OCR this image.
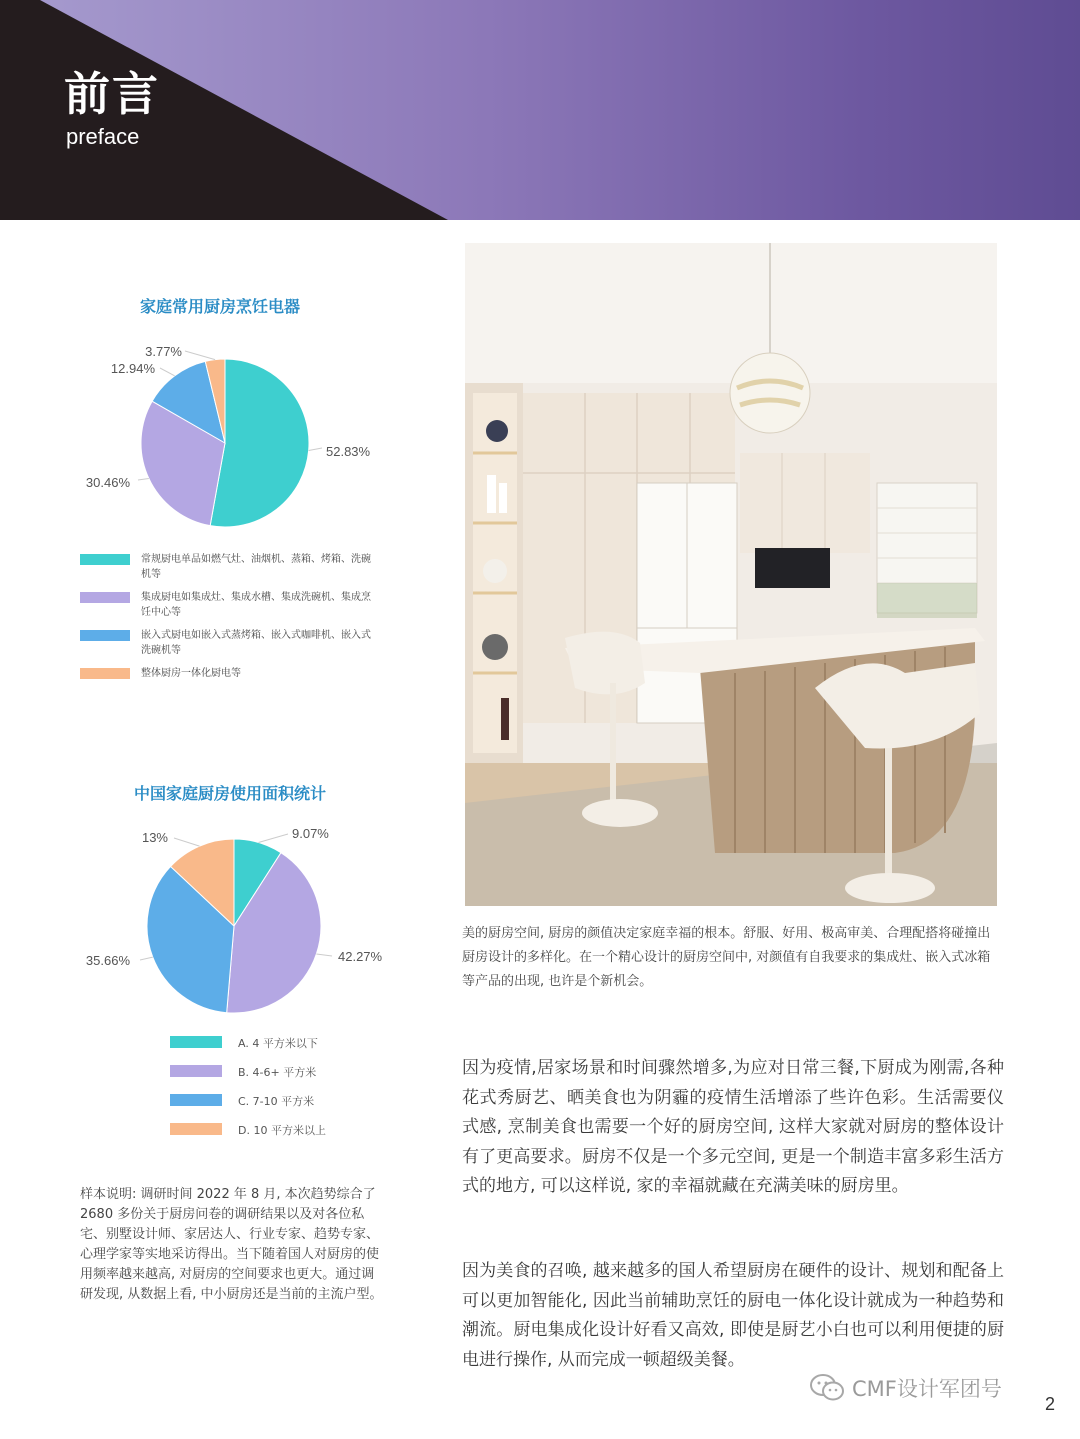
前言
preface
家庭常用厨房烹饪电器
52.83%
30.46%
12.94%
3.77%
常规厨电单品如燃气灶、油烟机、蒸箱、烤箱、洗碗机等
集成厨电如集成灶、集成水槽、集成洗碗机、集成烹饪中心等
嵌入式厨电如嵌入式蒸烤箱、嵌入式咖啡机、嵌入式洗碗机等
整体厨房一体化厨电等
中国家庭厨房使用面积统计
9.07%
42.27%
35.66%
13%
A. 4 平方米以下
B. 4-6+ 平方米
C. 7-10 平方米
D. 10 平方米以上
样本说明: 调研时间 2022 年 8 月, 本次趋势综合了 2680 多份关于厨房问卷的调研结果以及对各位私宅、别墅设计师、家居达人、行业专家、趋势专家、心理学家等实地采访得出。当下随着国人对厨房的使用频率越来越高, 对厨房的空间要求也更大。通过调研发现, 从数据上看, 中小厨房还是当前的主流户型。
美的厨房空间, 厨房的颜值决定家庭幸福的根本。舒服、好用、极高审美、合理配搭将碰撞出厨房设计的多样化。在一个精心设计的厨房空间中, 对颜值有自我要求的集成灶、嵌入式冰箱等产品的出现, 也许是个新机会。
因为疫情,居家场景和时间骤然增多,为应对日常三餐,下厨成为刚需,各种花式秀厨艺、晒美食也为阴霾的疫情生活增添了些许色彩。生活需要仪式感, 烹制美食也需要一个好的厨房空间, 这样大家就对厨房的整体设计有了更高要求。厨房不仅是一个多元空间, 更是一个制造丰富多彩生活方式的地方, 可以这样说, 家的幸福就藏在充满美味的厨房里。
因为美食的召唤, 越来越多的国人希望厨房在硬件的设计、规划和配备上可以更加智能化, 因此当前辅助烹饪的厨电一体化设计就成为一种趋势和潮流。厨电集成化设计好看又高效, 即使是厨艺小白也可以利用便捷的厨电进行操作, 从而完成一顿超级美餐。
CMF设计军团号
2
